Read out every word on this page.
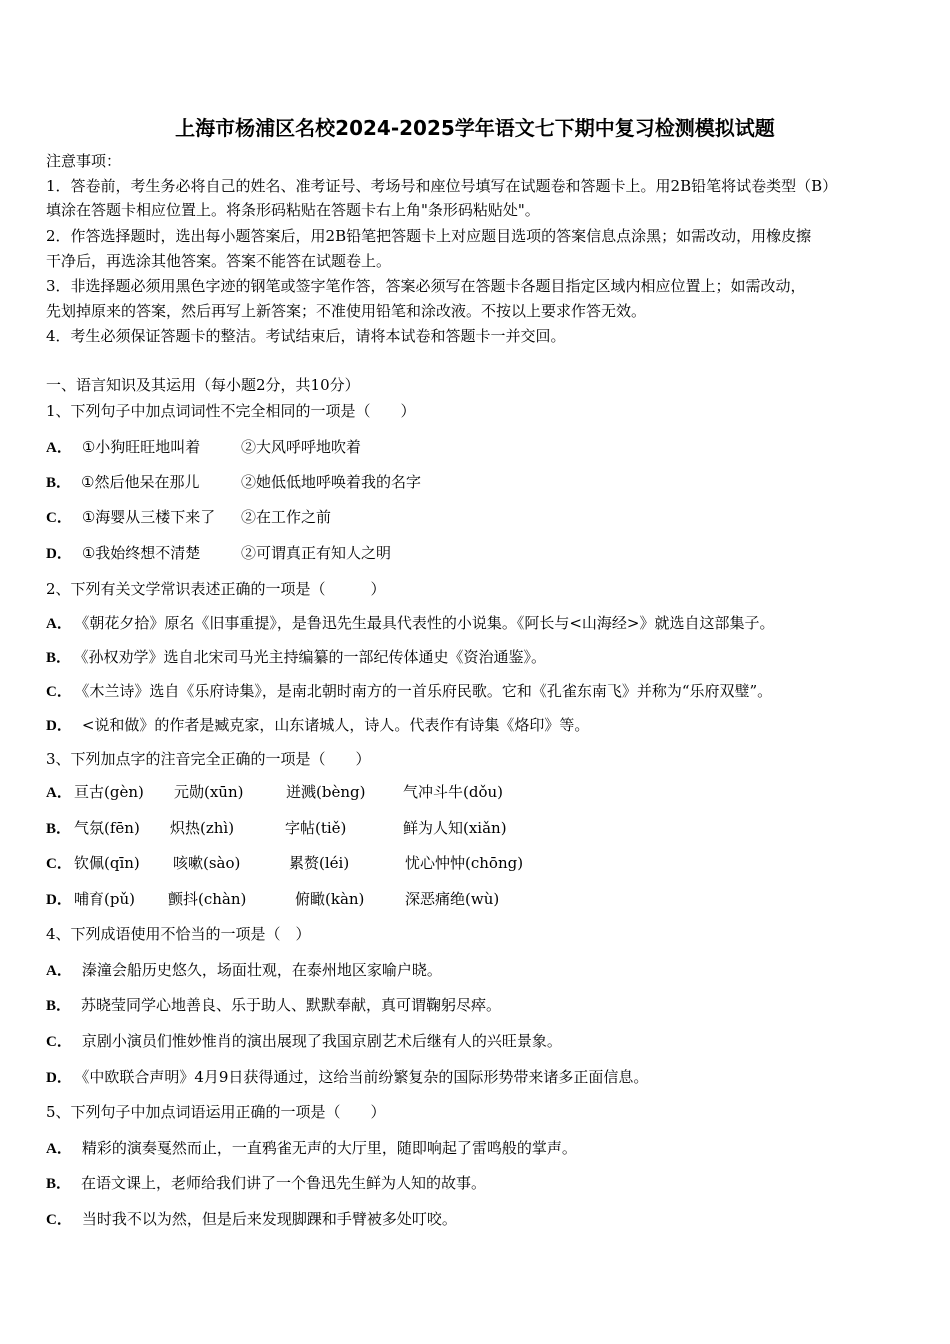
上海市杨浦区名校2024-2025学年语文七下期中复习检测模拟试题
注意事项：
1．答卷前，考生务必将自己的姓名、准考证号、考场号和座位号填写在试题卷和答题卡上。用2B铅笔将试卷类型（B）
填涂在答题卡相应位置上。将条形码粘贴在答题卡右上角"条形码粘贴处"。
2．作答选择题时，选出每小题答案后，用2B铅笔把答题卡上对应题目选项的答案信息点涂黑；如需改动，用橡皮擦
干净后，再选涂其他答案。答案不能答在试题卷上。
3．非选择题必须用黑色字迹的钢笔或签字笔作答，答案必须写在答题卡各题目指定区域内相应位置上；如需改动，
先划掉原来的答案，然后再写上新答案；不准使用铅笔和涂改液。不按以上要求作答无效。
4．考生必须保证答题卡的整洁。考试结束后，请将本试卷和答题卡一并交回。
一、语言知识及其运用（每小题2分，共10分）
1、下列句子中加点词词性不完全相同的一项是（　　）
A． ①小狗旺旺地叫着	②大风呼呼地吹着
B． ①然后他呆在那儿	②她低低地呼唤着我的名字
C． ①海婴从三楼下来了 ②在工作之前
D． ①我始终想不清楚	②可谓真正有知人之明
2、下列有关文学常识表述正确的一项是（　　　）
A． 《朝花夕拾》原名《旧事重提》，是鲁迅先生最具代表性的小说集。《阿长与<山海经>》就选自这部集子。
B． 《孙权劝学》选自北宋司马光主持编纂的一部纪传体通史《资治通鉴》。
C． 《木兰诗》选自《乐府诗集》，是南北朝时南方的一首乐府民歌。它和《孔雀东南飞》并称为“乐府双璧”。
D． <说和做》的作者是臧克家，山东诸城人，诗人。代表作有诗集《烙印》等。
3、下列加点字的注音完全正确的一项是（　　）
A． 亘古(gèn) 元勋(xūn)	迸溅(bèng)	气冲斗牛(dǒu)
B． 气氛(fēn) 炽热(zhì)	字帖(tiě)	鲜为人知(xiǎn)
C． 钦佩(qīn) 咳嗽(sào)	累赘(léi)	忧心忡忡(chōng)
D． 哺育(pǔ) 颤抖(chàn)	俯瞰(kàn)	深恶痛绝(wù)
4、下列成语使用不恰当的一项是（　）
A． 溱潼会船历史悠久，场面壮观，在泰州地区家喻户晓。
B． 苏晓莹同学心地善良、乐于助人、默默奉献，真可谓鞠躬尽瘁。
C． 京剧小演员们惟妙惟肖的演出展现了我国京剧艺术后继有人的兴旺景象。
D． 《中欧联合声明》4月9日获得通过，这给当前纷繁复杂的国际形势带来诸多正面信息。
5、下列句子中加点词语运用正确的一项是（　　）
A． 精彩的演奏戛然而止，一直鸦雀无声的大厅里，随即响起了雷鸣般的掌声。
B． 在语文课上，老师给我们讲了一个鲁迅先生鲜为人知的故事。
C． 当时我不以为然，但是后来发现脚踝和手臂被多处叮咬。
